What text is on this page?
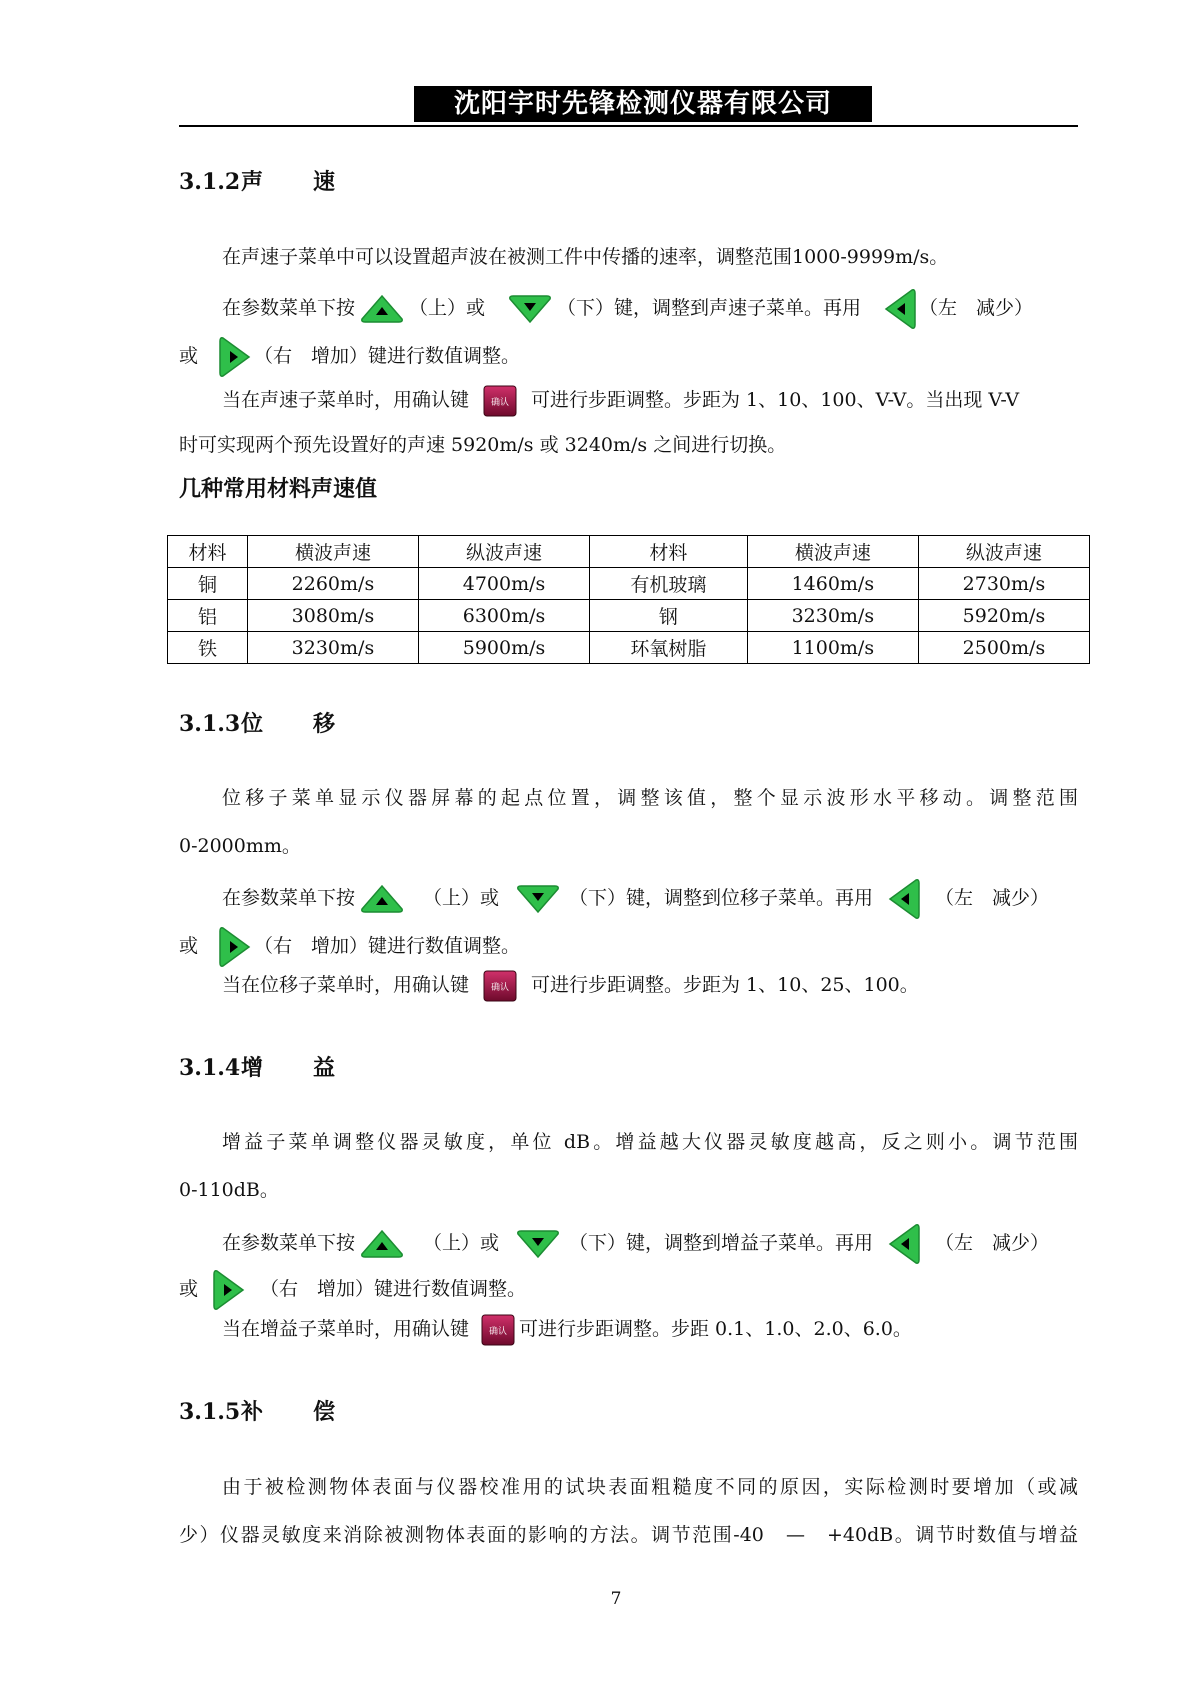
沈阳宇时先锋检测仪器有限公司
3.1.2声 速
在声速子菜单中可以设置超声波在被测工件中传播的速率，调整范围1000-9999m/s。
在参数菜单下按	（上）或	（下）键，调整到声速子菜单。再用	（左　减少）
或	（右　增加）键进行数值调整。
当在声速子菜单时，用确认键 确认 可进行步距调整。步距为 1、10、100、V-V。当出现 V-V
时可实现两个预先设置好的声速 5920m/s 或 3240m/s 之间进行切换。
几种常用材料声速值
材料	横波声速	纵波声速	材料	横波声速	纵波声速
铜	2260m/s	4700m/s	有机玻璃	1460m/s	2730m/s
铝	3080m/s	6300m/s	钢	3230m/s	5920m/s
铁	3230m/s	5900m/s	环氧树脂	1100m/s	2500m/s
3.1.3位 移
位移子菜单显示仪器屏幕的起点位置，调整该值，整个显示波形水平移动。调整范围
0-2000mm。
在参数菜单下按	（上）或	（下）键，调整到位移子菜单。再用	（左　减少）
或	（右　增加）键进行数值调整。
当在位移子菜单时，用确认键 确认 可进行步距调整。步距为 1、10、25、100。
3.1.4增 益
增益子菜单调整仪器灵敏度，单位 dB。增益越大仪器灵敏度越高，反之则小。调节范围
0-110dB。
在参数菜单下按	（上）或	（下）键，调整到增益子菜单。再用	（左　减少）
或	（右　增加）键进行数值调整。
当在增益子菜单时，用确认键 确认 可进行步距调整。步距 0.1、1.0、2.0、6.0。
3.1.5补 偿
由于被检测物体表面与仪器校准用的试块表面粗糙度不同的原因，实际检测时要增加（或减
少）仪器灵敏度来消除被测物体表面的影响的方法。调节范围-40　—　+40dB。调节时数值与增益
7
